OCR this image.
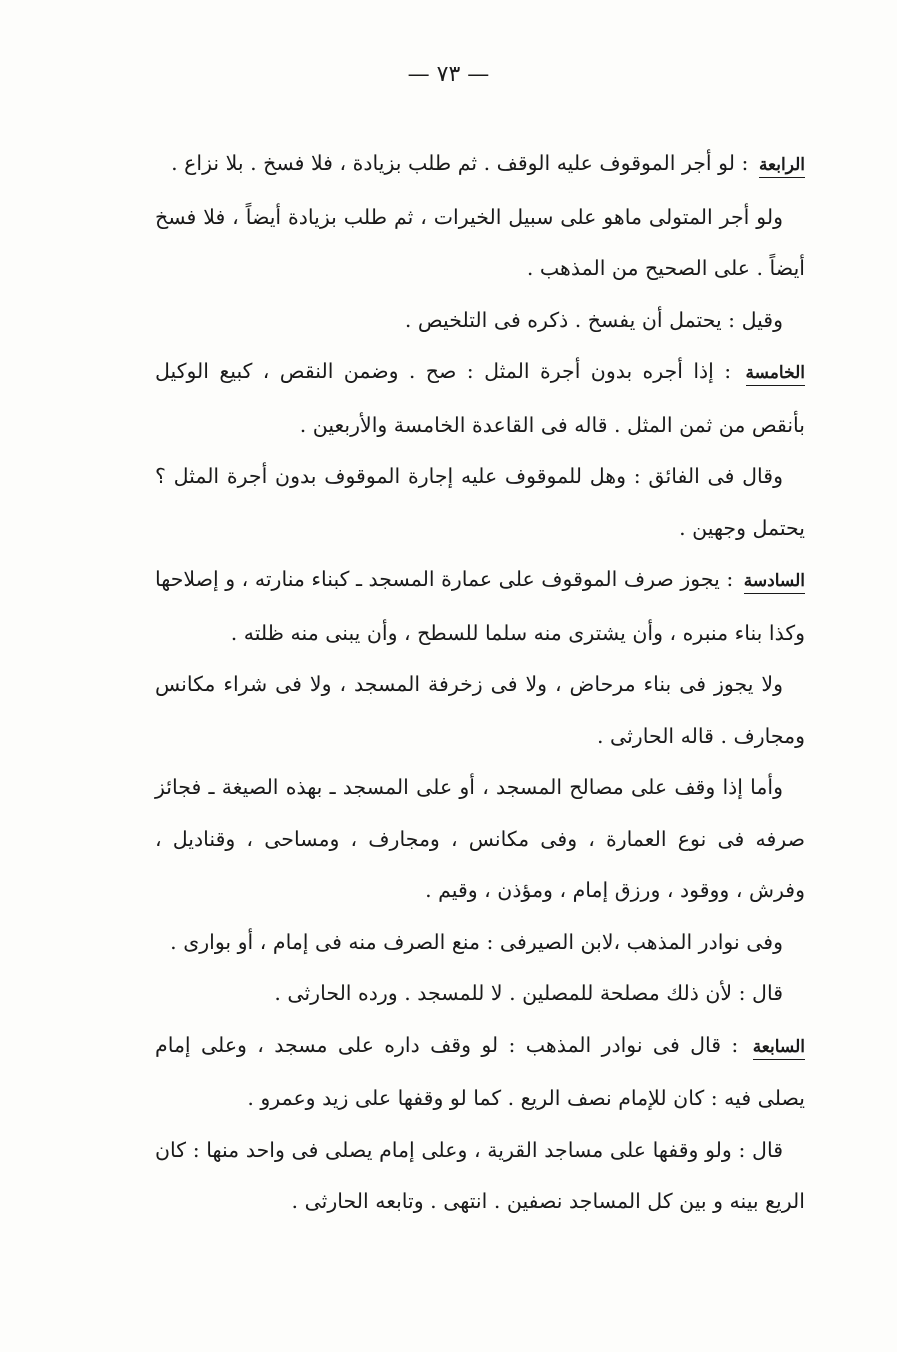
— ٧٣ —

الرابعة : لو أجر الموقوف عليه الوقف . ثم طلب بزيادة ، فلا فسخ . بلا نزاع .

ولو أجر المتولى ماهو على سبيل الخيرات ، ثم طلب بزيادة أيضاً ، فلا فسخ أيضاً . على الصحيح من المذهب .

وقيل : يحتمل أن يفسخ . ذكره فى التلخيص .

الخامسة : إذا أجره بدون أجرة المثل : صح . وضمن النقص ، كبيع الوكيل بأنقص من ثمن المثل . قاله فى القاعدة الخامسة والأربعين .

وقال فى الفائق : وهل للموقوف عليه إجارة الموقوف بدون أجرة المثل ؟ يحتمل وجهين .

السادسة : يجوز صرف الموقوف على عمارة المسجد ـ كبناء منارته ، و إصلاحها وكذا بناء منبره ، وأن يشترى منه سلما للسطح ، وأن يبنى منه ظلته .

ولا يجوز فى بناء مرحاض ، ولا فى زخرفة المسجد ، ولا فى شراء مكانس ومجارف . قاله الحارثى .

وأما إذا وقف على مصالح المسجد ، أو على المسجد ـ بهذه الصيغة ـ فجائز صرفه فى نوع العمارة ، وفى مكانس ، ومجارف ، ومساحى ، وقناديل ، وفرش ، ووقود ، ورزق إمام ، ومؤذن ، وقيم .

وفى نوادر المذهب ،لابن الصيرفى : منع الصرف منه فى إمام ، أو بوارى .

قال : لأن ذلك مصلحة للمصلين . لا للمسجد . ورده الحارثى .

السابعة : قال فى نوادر المذهب : لو وقف داره على مسجد ، وعلى إمام يصلى فيه : كان للإمام نصف الريع . كما لو وقفها على زيد وعمرو .

قال : ولو وقفها على مساجد القرية ، وعلى إمام يصلى فى واحد منها : كان الريع بينه و بين كل المساجد نصفين . انتهى . وتابعه الحارثى .
